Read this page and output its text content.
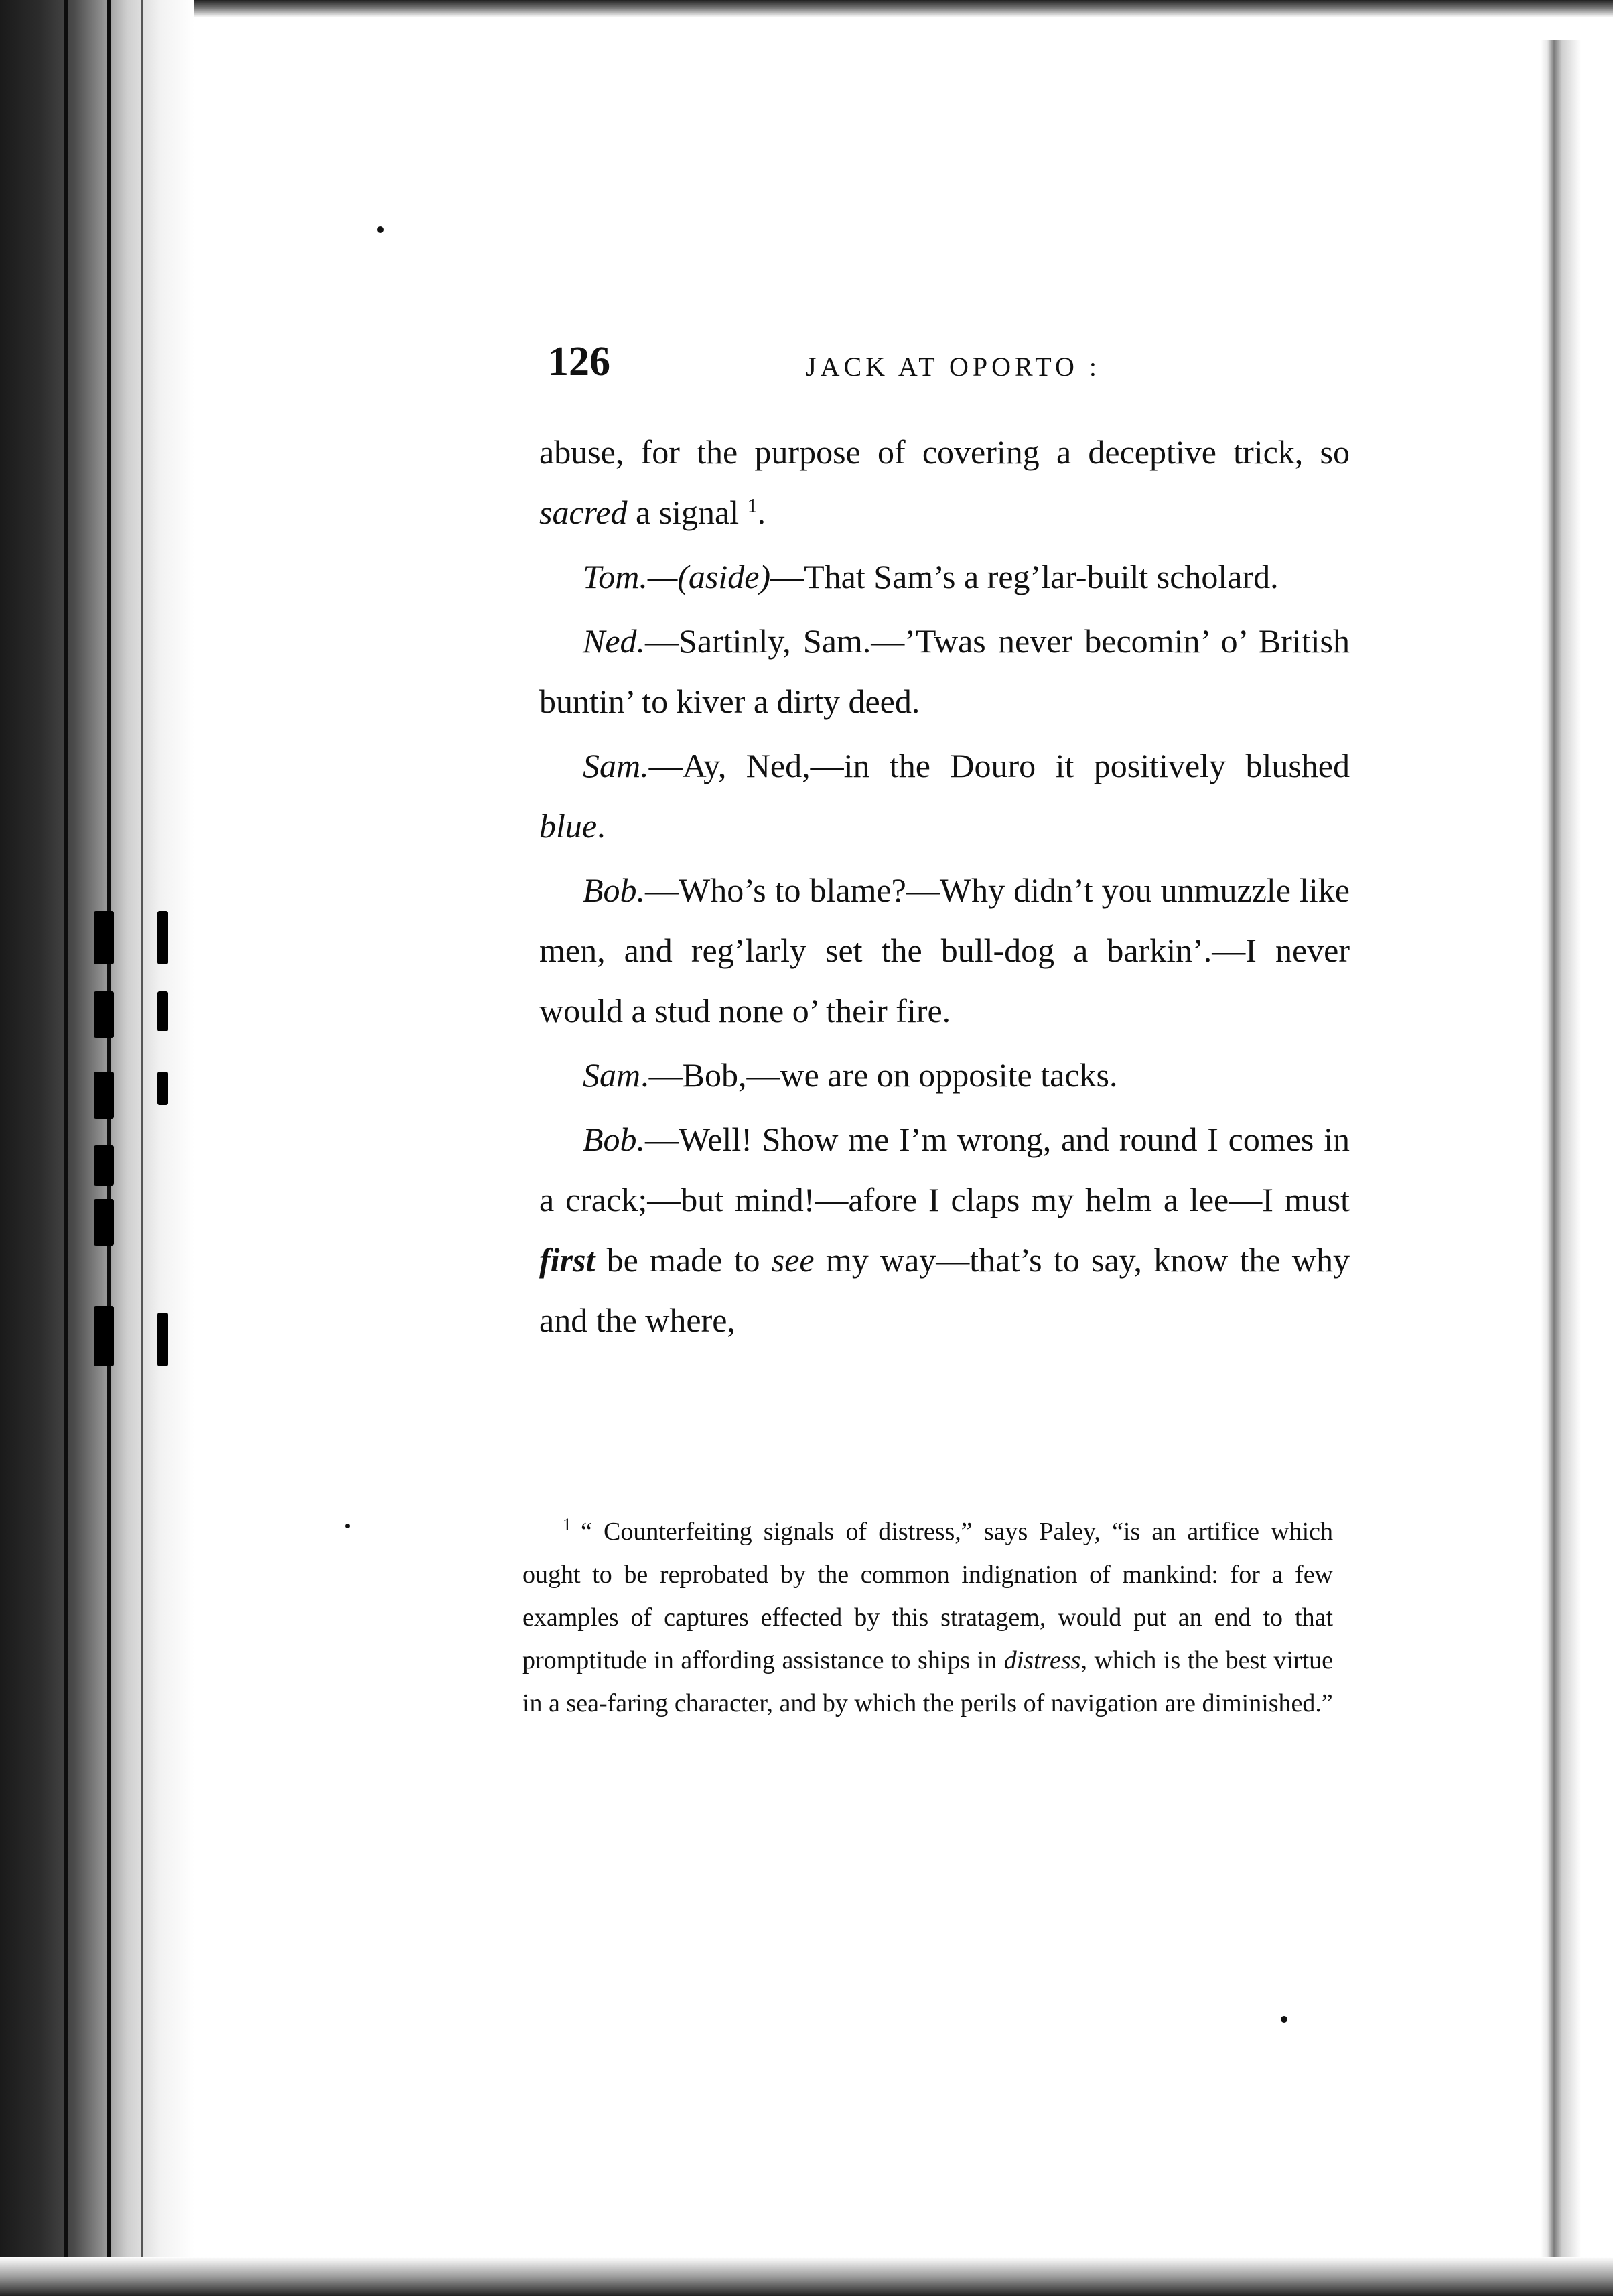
126	JACK AT OPORTO :

abuse, for the purpose of covering a deceptive trick, so sacred a signal $^1$.

Tom.—(aside)—That Sam’s a reg’lar-built scholard.

Ned.—Sartinly, Sam.—’Twas never becomin’ o’ British buntin’ to kiver a dirty deed.

Sam.—Ay, Ned,—in the Douro it positively blushed blue.

Bob.—Who’s to blame?—Why didn’t you unmuzzle like men, and reg’larly set the bull-dog a barkin’.—I never would a stud none o’ their fire.

Sam.—Bob,—we are on opposite tacks.

Bob.—Well! Show me I’m wrong, and round I comes in a crack;—but mind!—afore I claps my helm a lee—I must first be made to see my way—that’s to say, know the why and the where,

$^1$ “ Counterfeiting signals of distress,” says Paley, “is an artifice which ought to be reprobated by the common indignation of mankind: for a few examples of captures effected by this stratagem, would put an end to that promptitude in affording assistance to ships in distress, which is the best virtue in a sea-faring character, and by which the perils of navigation are diminished.”
